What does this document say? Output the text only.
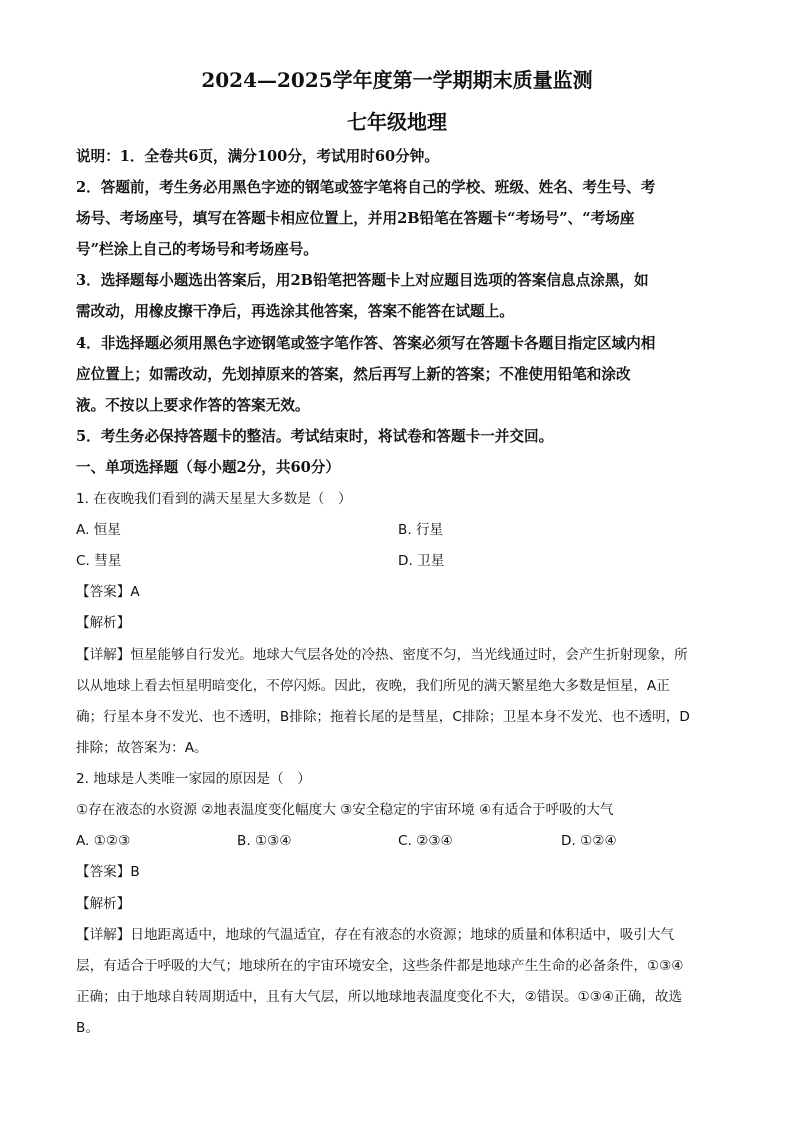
2024—2025学年度第一学期期末质量监测
七年级地理
说明：1．全卷共6页，满分100分，考试用时60分钟。
2．答题前，考生务必用黑色字迹的钢笔或签字笔将自己的学校、班级、姓名、考生号、考
场号、考场座号，填写在答题卡相应位置上，并用2B铅笔在答题卡“考场号”、“考场座
号”栏涂上自己的考场号和考场座号。
3．选择题每小题选出答案后，用2B铅笔把答题卡上对应题目选项的答案信息点涂黑，如
需改动，用橡皮擦干净后，再选涂其他答案，答案不能答在试题上。
4．非选择题必须用黑色字迹钢笔或签字笔作答、答案必须写在答题卡各题目指定区域内相
应位置上；如需改动，先划掉原来的答案，然后再写上新的答案；不准使用铅笔和涂改
液。不按以上要求作答的答案无效。
5．考生务必保持答题卡的整洁。考试结束时，将试卷和答题卡一并交回。
一、单项选择题（每小题2分，共60分）
1. 在夜晚我们看到的满天星星大多数是（　）
A. 恒星	B. 行星
C. 彗星	D. 卫星
【答案】A
【解析】
【详解】恒星能够自行发光。地球大气层各处的冷热、密度不匀，当光线通过时，会产生折射现象，所
以从地球上看去恒星明暗变化，不停闪烁。因此，夜晚，我们所见的满天繁星绝大多数是恒星，A正
确；行星本身不发光、也不透明，B排除；拖着长尾的是彗星，C排除；卫星本身不发光、也不透明，D
排除；故答案为：A。
2. 地球是人类唯一家园的原因是（　）
①存在液态的水资源 ②地表温度变化幅度大 ③安全稳定的宇宙环境 ④有适合于呼吸的大气
A. ①②③	B. ①③④	C. ②③④	D. ①②④
【答案】B
【解析】
【详解】日地距离适中，地球的气温适宜，存在有液态的水资源；地球的质量和体积适中，吸引大气
层，有适合于呼吸的大气；地球所在的宇宙环境安全，这些条件都是地球产生生命的必备条件，①③④
正确；由于地球自转周期适中，且有大气层，所以地球地表温度变化不大，②错误。①③④正确，故选
B。
